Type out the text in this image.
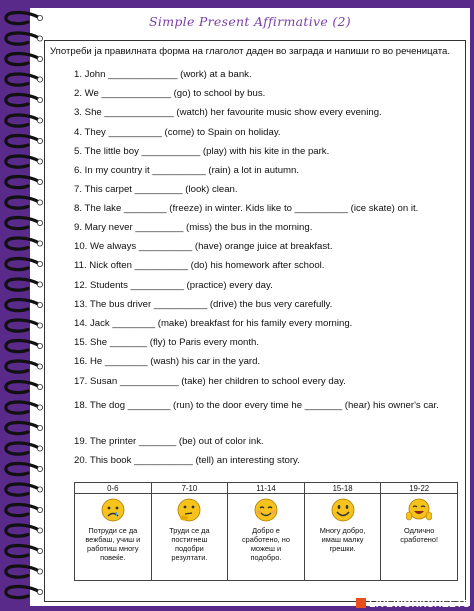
Simple Present Affirmative (2)
Употреби ја правилната форма на глаголот даден во заграда и напиши го во реченицата.
1. John _____________ (work) at a bank.
2. We _____________ (go) to school by bus.
3. She _____________ (watch) her favourite music show every evening.
4. They __________ (come) to Spain on holiday.
5. The little boy ___________ (play) with his kite in the park.
6. In my country it __________ (rain) a lot in autumn.
7. This carpet _________ (look) clean.
8. The lake ________ (freeze) in winter. Kids like to __________ (ice skate) on it.
9. Mary never _________ (miss) the bus in the morning.
10. We always __________ (have) orange juice at breakfast.
11. Nick often __________ (do) his homework after school.
12. Students __________ (practice) every day.
13. The bus driver __________ (drive) the bus very carefully.
14. Jack ________ (make) breakfast for his family every morning.
15. She _______ (fly) to Paris every month.
16. He ________ (wash) his car in the yard.
17. Susan ___________ (take) her children to school every day.
18. The dog ________ (run) to the door every time he _______ (hear) his owner's car.
19. The printer _______ (be) out of color ink.
20. This book ___________ (tell) an interesting story.
0-6	7-10	11-14	15-18	19-22

Потруди се да
вежбаш, учиш и
работиш многу
повеќе.	Труди се да
постигнеш
подобри
резултати.	Добро е
сработено, но
можеш и
подобро.	Многу добро,
имаш малку
грешки.	Одлично
сработено!
LIVEWORKSHEETS
